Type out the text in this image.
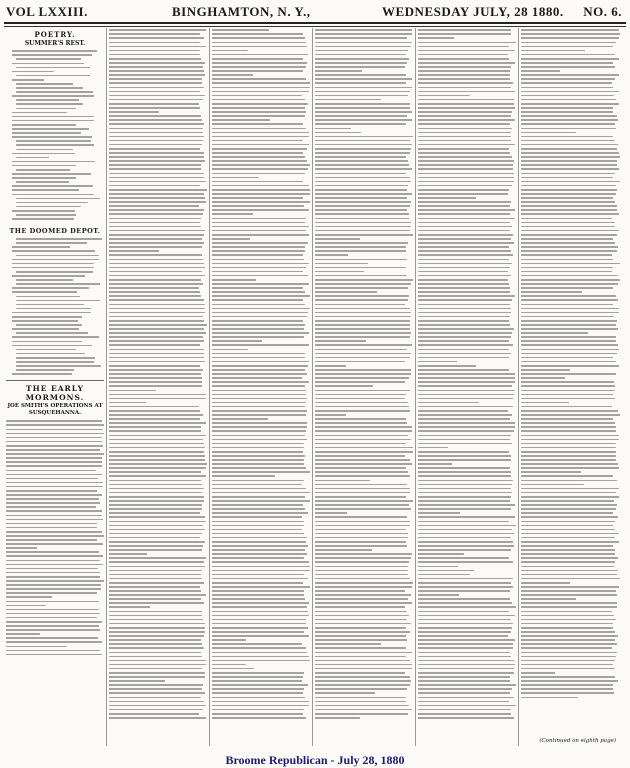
VOL LXXIII.	BINGHAMTON, N. Y.,	WEDNESDAY JULY, 28 1880. NO. 6.
POETRY.
SUMMER'S REST.
THE DOOMED DEPOT.
THE EARLY MORMONS.
JOE SMITH'S OPERATIONS AT SUSQUEHANNA.
(Continued on eighth page)
Broome Republican - July 28, 1880
